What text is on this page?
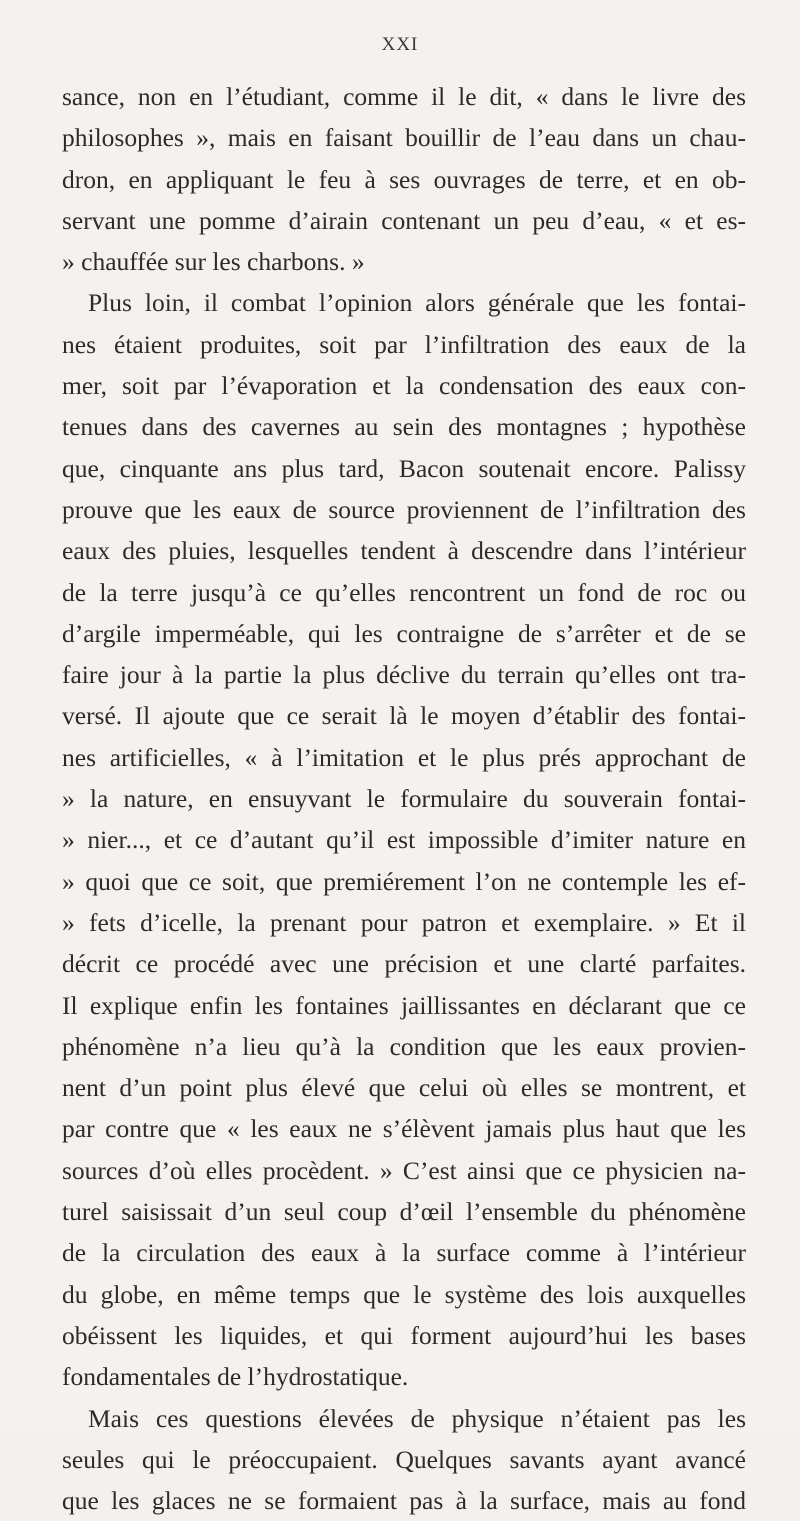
XXI
sance, non en l’étudiant, comme il le dit, « dans le livre des
philosophes », mais en faisant bouillir de l’eau dans un chau-
dron, en appliquant le feu à ses ouvrages de terre, et en ob-
servant une pomme d’airain contenant un peu d’eau, « et es-
» chauffée sur les charbons. »
Plus loin, il combat l’opinion alors générale que les fontai-
nes étaient produites, soit par l’infiltration des eaux de la
mer, soit par l’évaporation et la condensation des eaux con-
tenues dans des cavernes au sein des montagnes ; hypothèse
que, cinquante ans plus tard, Bacon soutenait encore. Palissy
prouve que les eaux de source proviennent de l’infiltration des
eaux des pluies, lesquelles tendent à descendre dans l’intérieur
de la terre jusqu’à ce qu’elles rencontrent un fond de roc ou
d’argile imperméable, qui les contraigne de s’arrêter et de se
faire jour à la partie la plus déclive du terrain qu’elles ont tra-
versé. Il ajoute que ce serait là le moyen d’établir des fontai-
nes artificielles, « à l’imitation et le plus prés approchant de
» la nature, en ensuyvant le formulaire du souverain fontai-
» nier..., et ce d’autant qu’il est impossible d’imiter nature en
» quoi que ce soit, que premiérement l’on ne contemple les ef-
» fets d’icelle, la prenant pour patron et exemplaire. » Et il
décrit ce procédé avec une précision et une clarté parfaites.
Il explique enfin les fontaines jaillissantes en déclarant que ce
phénomène n’a lieu qu’à la condition que les eaux provien-
nent d’un point plus élevé que celui où elles se montrent, et
par contre que « les eaux ne s’élèvent jamais plus haut que les
sources d’où elles procèdent. » C’est ainsi que ce physicien na-
turel saisissait d’un seul coup d’œil l’ensemble du phénomène
de la circulation des eaux à la surface comme à l’intérieur
du globe, en même temps que le système des lois auxquelles
obéissent les liquides, et qui forment aujourd’hui les bases
fondamentales de l’hydrostatique.
Mais ces questions élevées de physique n’étaient pas les
seules qui le préoccupaient. Quelques savants ayant avancé
que les glaces ne se formaient pas à la surface, mais au fond
